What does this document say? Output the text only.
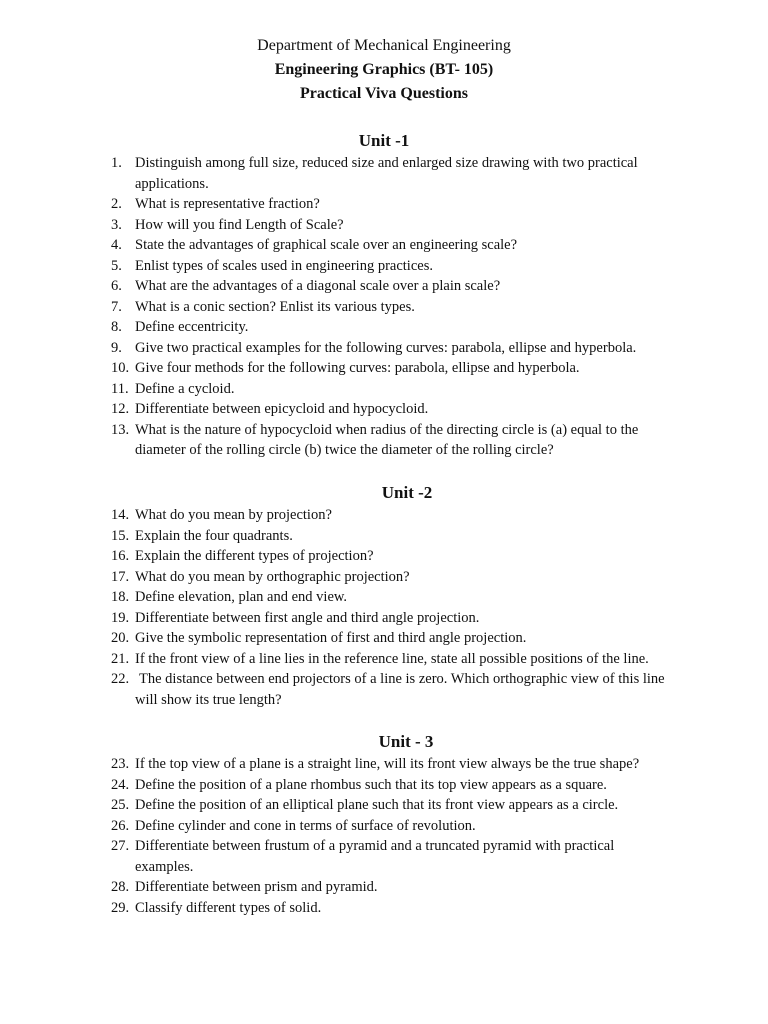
Department of Mechanical Engineering

Engineering Graphics (BT- 105)

Practical Viva Questions

Unit -1
1. Distinguish among full size, reduced size and enlarged size drawing with two practical applications.
2. What is representative fraction?
3. How will you find Length of Scale?
4. State the advantages of graphical scale over an engineering scale?
5. Enlist types of scales used in engineering practices.
6. What are the advantages of a diagonal scale over a plain scale?
7. What is a conic section? Enlist its various types.
8. Define eccentricity.
9. Give two practical examples for the following curves: parabola, ellipse and hyperbola.
10. Give four methods for the following curves: parabola, ellipse and hyperbola.
11. Define a cycloid.
12. Differentiate between epicycloid and hypocycloid.
13. What is the nature of hypocycloid when radius of the directing circle is (a) equal to the diameter of the rolling circle (b) twice the diameter of the rolling circle?
Unit -2
14. What do you mean by projection?
15. Explain the four quadrants.
16. Explain the different types of projection?
17. What do you mean by orthographic projection?
18. Define elevation, plan and end view.
19. Differentiate between first angle and third angle projection.
20. Give the symbolic representation of first and third angle projection.
21. If the front view of a line lies in the reference line, state all possible positions of the line.
22. The distance between end projectors of a line is zero. Which orthographic view of this line will show its true length?
Unit - 3
23. If the top view of a plane is a straight line, will its front view always be the true shape?
24. Define the position of a plane rhombus such that its top view appears as a square.
25. Define the position of an elliptical plane such that its front view appears as a circle.
26. Define cylinder and cone in terms of surface of revolution.
27. Differentiate between frustum of a pyramid and a truncated pyramid with practical examples.
28. Differentiate between prism and pyramid.
29. Classify different types of solid.
